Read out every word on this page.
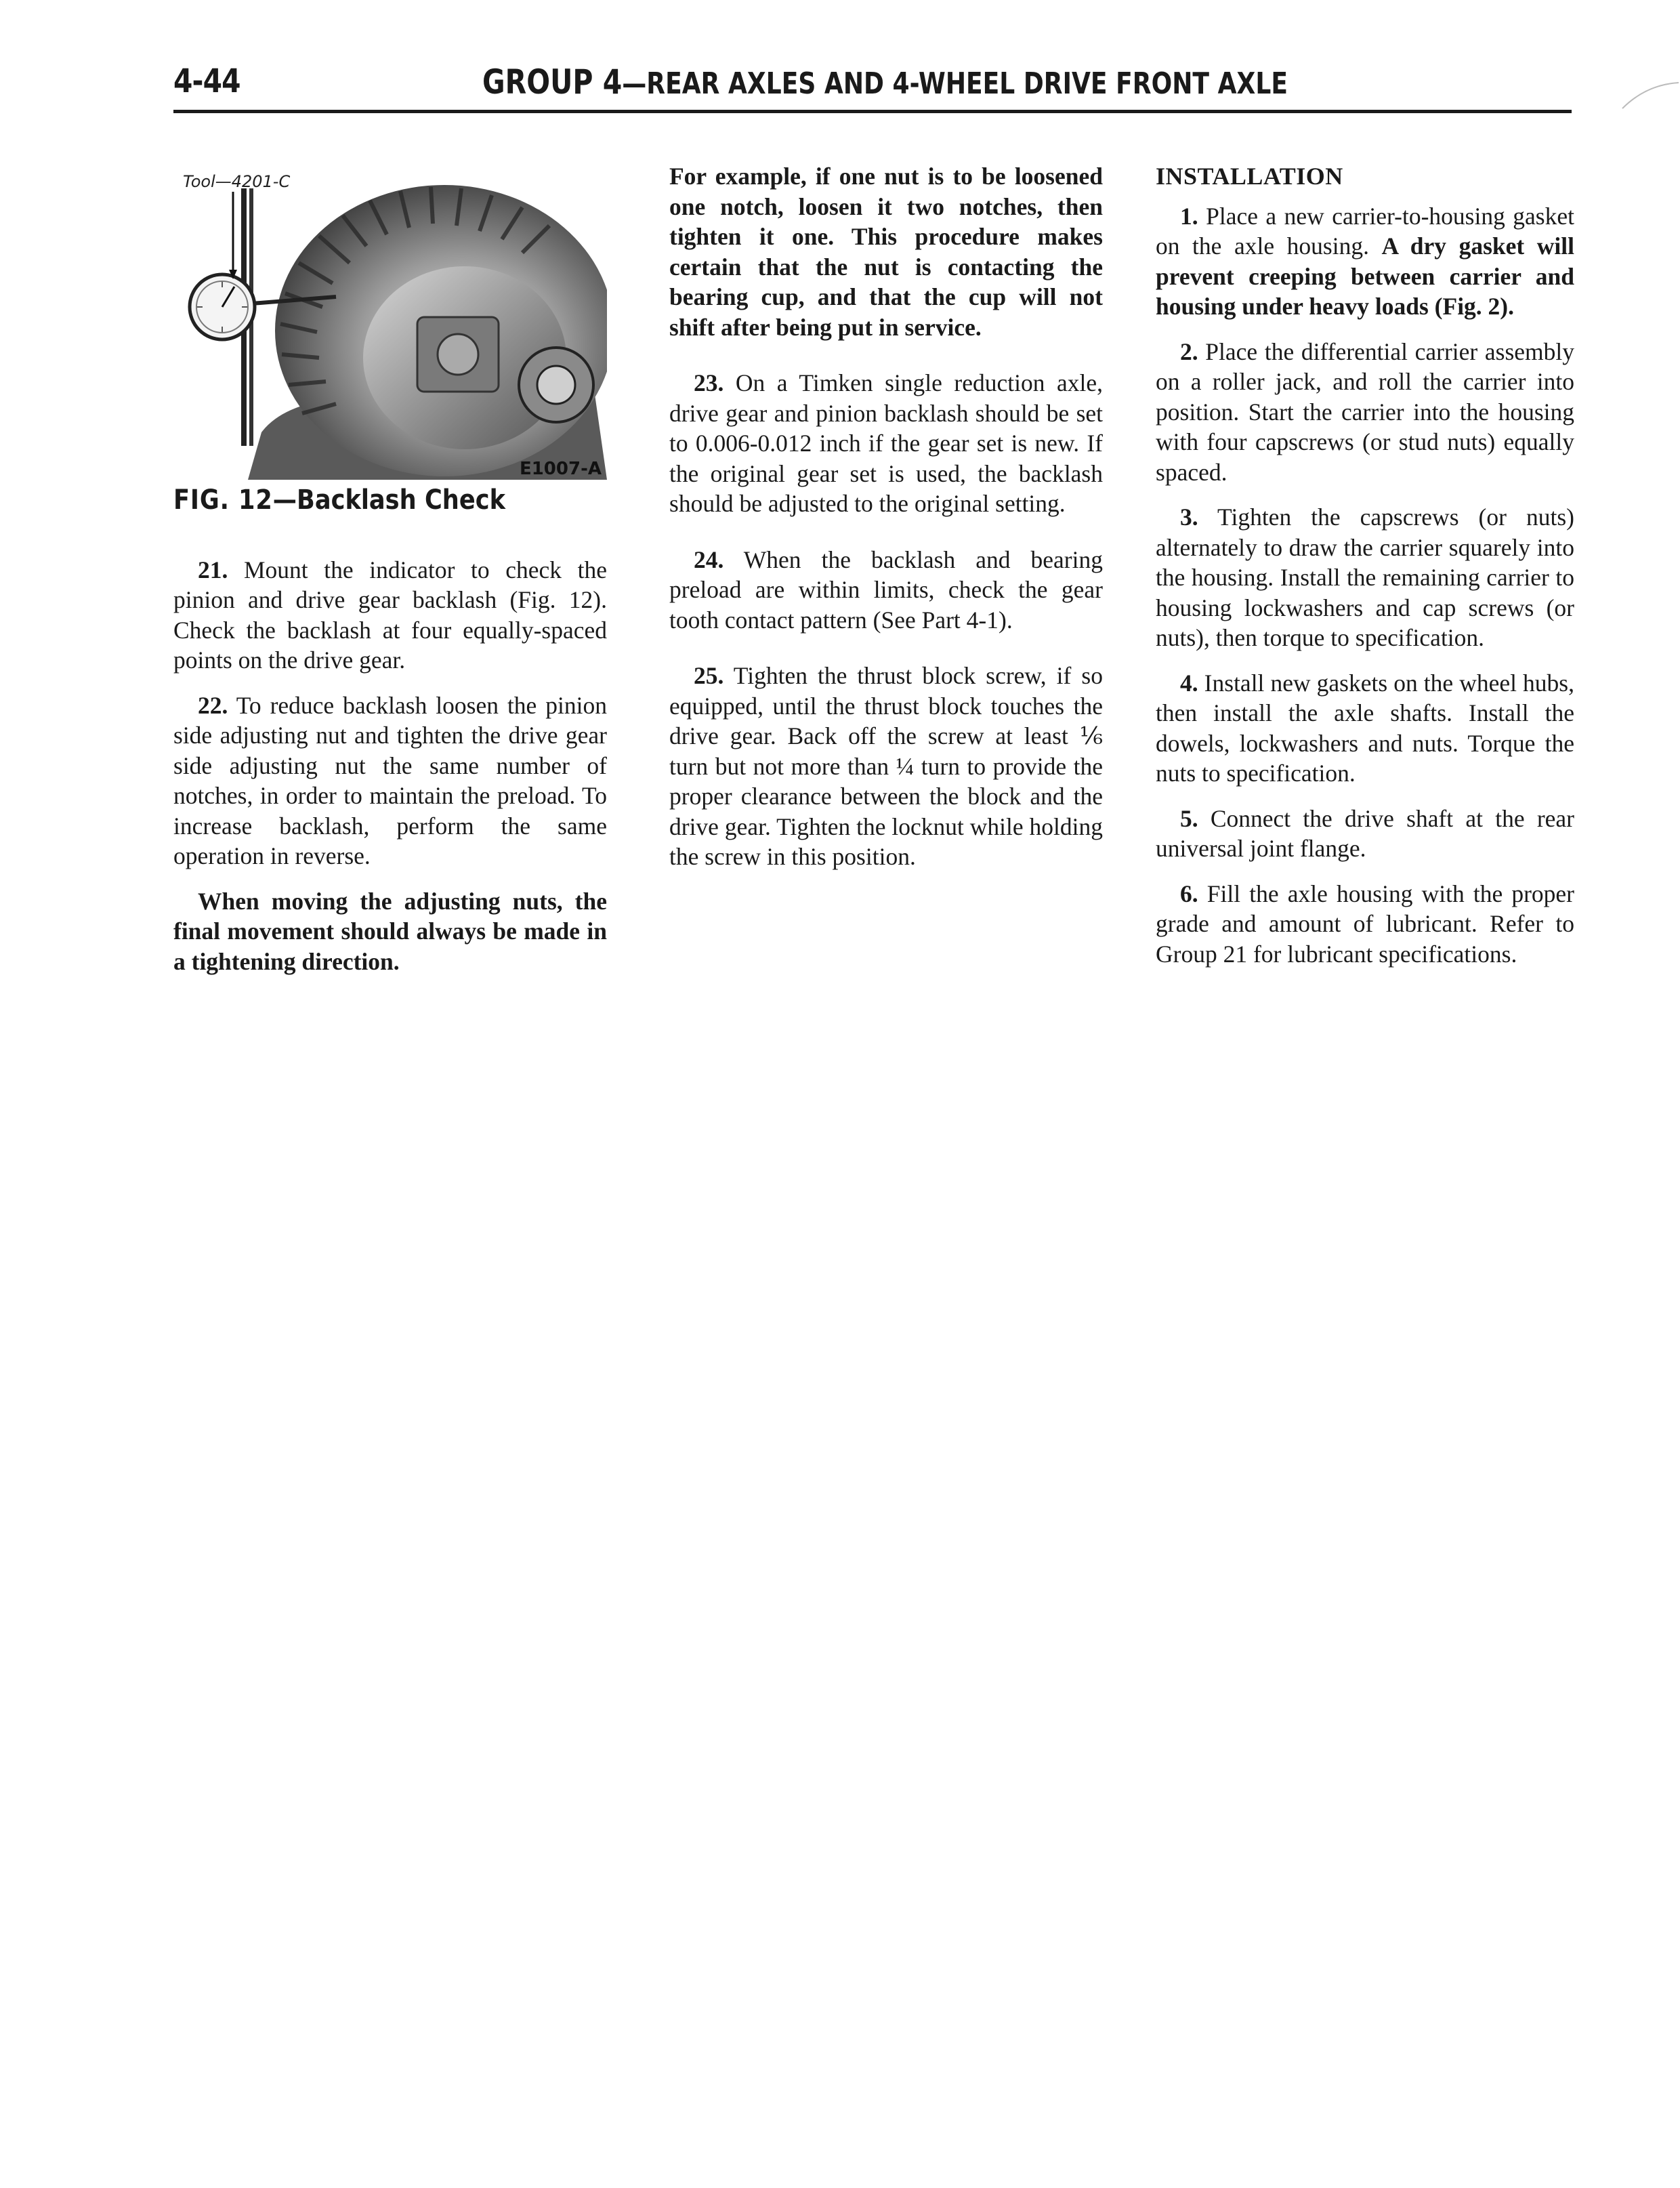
4-44	GROUP 4—REAR AXLES AND 4-WHEEL DRIVE FRONT AXLE
Tool—4201-C
E1007-A
FIG. 12—Backlash Check

21. Mount the indicator to check the pinion and drive gear backlash (Fig. 12). Check the backlash at four equally-spaced points on the drive gear.

22. To reduce backlash loosen the pinion side adjusting nut and tighten the drive gear side adjusting nut the same number of notches, in order to maintain the preload. To increase backlash, perform the same operation in reverse.

When moving the adjusting nuts, the final movement should always be made in a tightening direction.

For example, if one nut is to be loosened one notch, loosen it two notches, then tighten it one. This procedure makes certain that the nut is contacting the bearing cup, and that the cup will not shift after being put in service.

23. On a Timken single reduction axle, drive gear and pinion backlash should be set to 0.006-0.012 inch if the gear set is new. If the original gear set is used, the backlash should be adjusted to the original setting.

24. When the backlash and bearing preload are within limits, check the gear tooth contact pattern (See Part 4-1).

25. Tighten the thrust block screw, if so equipped, until the thrust block touches the drive gear. Back off the screw at least ⅙ turn but not more than ¼ turn to provide the proper clearance between the block and the drive gear. Tighten the locknut while holding the screw in this position.

INSTALLATION

1. Place a new carrier-to-housing gasket on the axle housing. A dry gasket will prevent creeping between carrier and housing under heavy loads (Fig. 2).

2. Place the differential carrier assembly on a roller jack, and roll the carrier into position. Start the carrier into the housing with four capscrews (or stud nuts) equally spaced.

3. Tighten the capscrews (or nuts) alternately to draw the carrier squarely into the housing. Install the remaining carrier to housing lockwashers and cap screws (or nuts), then torque to specification.

4. Install new gaskets on the wheel hubs, then install the axle shafts. Install the dowels, lockwashers and nuts. Torque the nuts to specification.

5. Connect the drive shaft at the rear universal joint flange.

6. Fill the axle housing with the proper grade and amount of lubricant. Refer to Group 21 for lubricant specifications.
